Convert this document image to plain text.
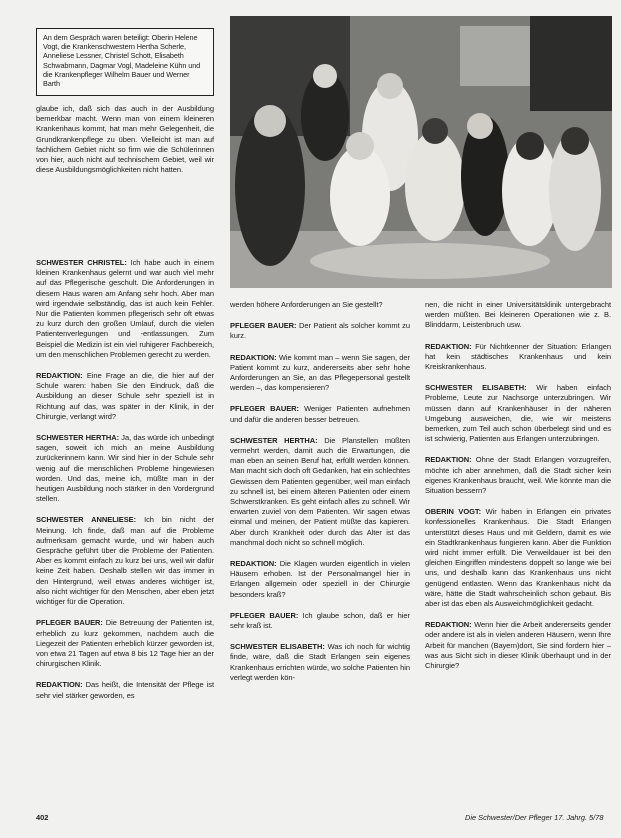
An dem Gespräch waren beteiligt: Oberin Helene Vogt, die Krankenschwestern Hertha Scherle, Anneliese Lessner, Christel Schott, Elisabeth Schwabmann, Dagmar Vogl, Madeleine Kühn und die Krankenpfleger Wilhelm Bauer und Werner Barth

glaube ich, daß sich das auch in der Ausbildung bemerkbar macht. Wenn man von einem kleineren Krankenhaus kommt, hat man mehr Gelegenheit, die Grundkrankenpflege zu üben. Vielleicht ist man auf fachlichem Gebiet nicht so firm wie die Schülerinnen von hier, auch nicht auf technischem Gebiet, weil wir diese Ausbildungsmöglichkeiten nicht hatten.

SCHWESTER CHRISTEL: Ich habe auch in einem kleinen Krankenhaus gelernt und war auch viel mehr auf das Pflegerische geschult. Die Anforderungen in diesem Haus waren am Anfang sehr hoch. Aber man wird irgendwie selbständig, das ist auch kein Fehler. Nur die Patienten kommen pflegerisch sehr oft etwas zu kurz durch den großen Umlauf, durch die vielen Patientenverlegungen und -entlassungen. Zum Beispiel die Medizin ist ein viel ruhigerer Fachbereich, um den menschlichen Problemen gerecht zu werden.

REDAKTION: Eine Frage an die, die hier auf der Schule waren: haben Sie den Eindruck, daß die Ausbildung an dieser Schule sehr speziell ist in Richtung auf das, was später in der Klinik, in der Chirurgie, verlangt wird?

SCHWESTER HERTHA: Ja, das würde ich unbedingt sagen, soweit ich mich an meine Ausbildung zurückerinnern kann. Wir sind hier in der Schule sehr wenig auf die menschlichen Probleme hingewiesen worden. Und das, meine ich, müßte man in der heutigen Ausbildung noch stärker in den Vordergrund stellen.

SCHWESTER ANNELIESE: Ich bin nicht der Meinung. Ich finde, daß man auf die Probleme aufmerksam gemacht wurde, und wir haben auch Gespräche geführt über die Probleme der Patienten. Aber es kommt einfach zu kurz bei uns, weil wir dafür keine Zeit haben. Deshalb stellen wir das immer in den Hintergrund, weil etwas anderes wichtiger ist, also nicht wichtiger für den Menschen, aber eben jetzt wichtiger für die Operation.

PFLEGER BAUER: Die Betreuung der Patienten ist, erheblich zu kurz gekommen, nachdem auch die Liegezeit der Patienten erheblich kürzer geworden ist, von etwa 21 Tagen auf etwa 8 bis 12 Tage hier an der chirurgischen Klinik.

REDAKTION: Das heißt, die Intensität der Pflege ist sehr viel stärker geworden, es

werden höhere Anforderungen an Sie gestellt?

PFLEGER BAUER: Der Patient als solcher kommt zu kurz.

REDAKTION: Wie kommt man – wenn Sie sagen, der Patient kommt zu kurz, andererseits aber sehr hohe Anforderungen an Sie, an das Pflegepersonal gestellt werden –, das kompensieren?

PFLEGER BAUER: Weniger Patienten aufnehmen und dafür die anderen besser betreuen.

SCHWESTER HERTHA: Die Planstellen müßten vermehrt werden, damit auch die Erwartungen, die man eben an seinen Beruf hat, erfüllt werden können. Man macht sich doch oft Gedanken, hat ein schlechtes Gewissen dem Patienten gegenüber, weil man einfach zu schnell ist, bei einem älteren Patienten oder einem Schwerstkranken. Es geht einfach alles zu schnell. Wir erwarten zuviel von dem Patienten. Wir sagen etwas einmal und meinen, der Patient müßte das kapieren. Aber durch Krankheit oder durch das Alter ist das manchmal doch nicht so schnell möglich.

REDAKTION: Die Klagen wurden eigentlich in vielen Häusern erhoben. Ist der Personalmangel hier in Erlangen allgemein oder speziell in der Chirurgie besonders kraß?

PFLEGER BAUER: Ich glaube schon, daß er hier sehr kraß ist.

SCHWESTER ELISABETH: Was ich noch für wichtig finde, wäre, daß die Stadt Erlangen sein eigenes Krankenhaus errichten würde, wo solche Patienten hin verlegt werden kön-

nen, die nicht in einer Universitätsklinik untergebracht werden müßten. Bei kleineren Operationen wie z. B. Blinddarm, Leistenbruch usw.

REDAKTION: Für Nichtkenner der Situation: Erlangen hat kein städtisches Krankenhaus und kein Kreiskrankenhaus.

SCHWESTER ELISABETH: Wir haben einfach Probleme, Leute zur Nachsorge unterzubringen. Wir müssen dann auf Krankenhäuser in der näheren Umgebung ausweichen, die, wie wir meistens bemerken, zum Teil auch schon überbelegt sind und es ist schwierig, Patienten aus Erlangen unterzubringen.

REDAKTION: Ohne der Stadt Erlangen vorzugreifen, möchte ich aber annehmen, daß die Stadt sicher kein eigenes Krankenhaus braucht, weil. Wie könnte man die Situation bessern?

OBERIN VOGT: Wir haben in Erlangen ein privates konfessionelles Krankenhaus. Die Stadt Erlangen unterstützt dieses Haus und mit Geldern, damit es wie ein Stadtkrankenhaus fungieren kann. Aber die Funktion wird nicht immer erfüllt. Die Verweildauer ist bei den gleichen Eingriffen mindestens doppelt so lange wie bei uns, und deshalb kann das Krankenhaus uns nicht genügend entlasten. Wenn das Krankenhaus nicht da wäre, hätte die Stadt wahrscheinlich schon gebaut. Bis aber ist das eben als Ausweichmöglichkeit gedacht.

REDAKTION: Wenn hier die Arbeit andererseits gender oder andere ist als in vielen anderen Häusern, wenn Ihre Arbeit für manchen (Bayern)dort, Sie sind fordern hier – was aus Sicht sich in dieser Klinik überhaupt und in der Chirurgie?

402	Die Schwester/Der Pfleger 17. Jahrg. 5/78
